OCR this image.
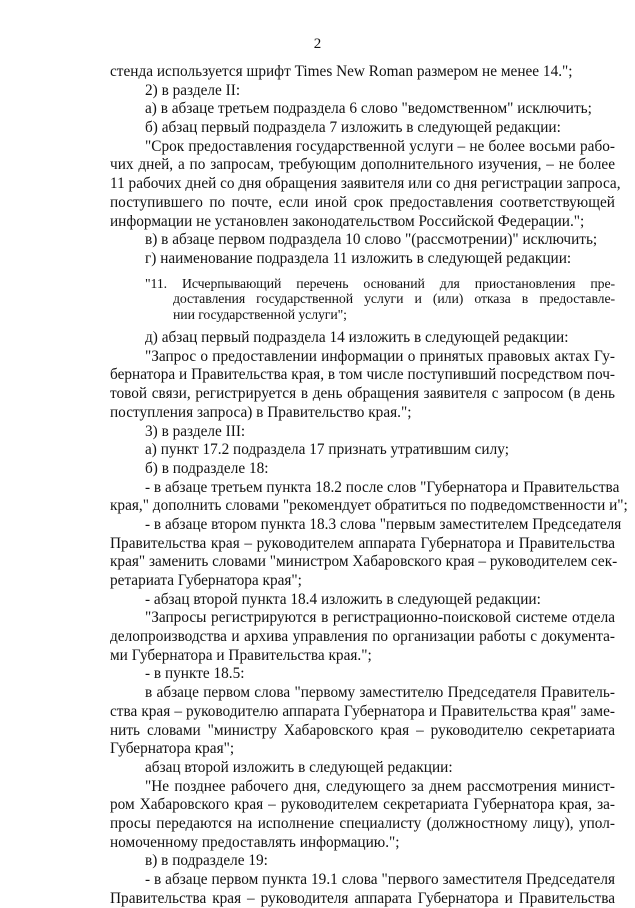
2
стенда используется шрифт Times New Roman размером не менее 14.";
2) в разделе II:
а) в абзаце третьем подраздела 6 слово "ведомственном" исключить;
б) абзац первый подраздела 7 изложить в следующей редакции:
"Срок предоставления государственной услуги – не более восьми рабо-
чих дней, а по запросам, требующим дополнительного изучения, – не более
11 рабочих дней со дня обращения заявителя или со дня регистрации запроса,
поступившего по почте, если иной срок предоставления соответствующей
информации не установлен законодательством Российской Федерации.";
в) в абзаце первом подраздела 10 слово "(рассмотрении)" исключить;
г) наименование подраздела 11 изложить в следующей редакции:
"11. Исчерпывающий перечень оснований для приостановления пре-
доставления государственной услуги и (или) отказа в предоставле-
нии государственной услуги";
д) абзац первый подраздела 14 изложить в следующей редакции:
"Запрос о предоставлении информации о принятых правовых актах Гу-
бернатора и Правительства края, в том числе поступивший посредством поч-
товой связи, регистрируется в день обращения заявителя с запросом (в день
поступления запроса) в Правительство края.";
3) в разделе III:
а) пункт 17.2 подраздела 17 признать утратившим силу;
б) в подразделе 18:
- в абзаце третьем пункта 18.2 после слов "Губернатора и Правительства
края," дополнить словами "рекомендует обратиться по подведомственности и";
- в абзаце втором пункта 18.3 слова "первым заместителем Председателя
Правительства края – руководителем аппарата Губернатора и Правительства
края" заменить словами "министром Хабаровского края – руководителем сек-
ретариата Губернатора края";
- абзац второй пункта 18.4 изложить в следующей редакции:
"Запросы регистрируются в регистрационно-поисковой системе отдела
делопроизводства и архива управления по организации работы с документа-
ми Губернатора и Правительства края.";
- в пункте 18.5:
в абзаце первом слова "первому заместителю Председателя Правитель-
ства края – руководителю аппарата Губернатора и Правительства края" заме-
нить словами "министру Хабаровского края – руководителю секретариата
Губернатора края";
абзац второй изложить в следующей редакции:
"Не позднее рабочего дня, следующего за днем рассмотрения минист-
ром Хабаровского края – руководителем секретариата Губернатора края, за-
просы передаются на исполнение специалисту (должностному лицу), упол-
номоченному предоставлять информацию.";
в) в подразделе 19:
- в абзаце первом пункта 19.1 слова "первого заместителя Председателя
Правительства края – руководителя аппарата Губернатора и Правительства
